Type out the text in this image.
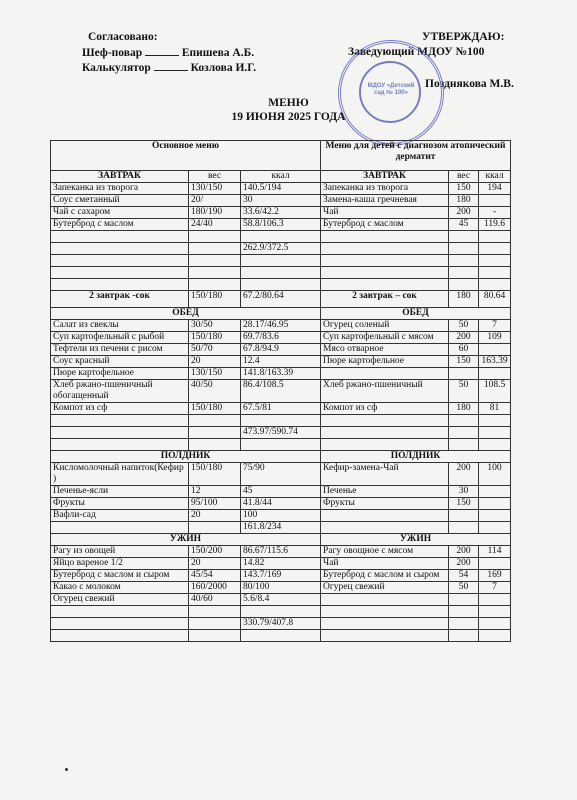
Согласовано:
Шеф-повар	Епишева А.Б.
Калькулятор	Козлова И.Г.
УТВЕРЖДАЮ:
Заведующий МДОУ №100
Позднякова М.В.
МДОУ «Детский сад № 100»
МЕНЮ
19 ИЮНЯ 2025 ГОДА
Основное меню			Меню для детей с диагнозом атопический дерматит		
ЗАВТРАК	вес	ккал	ЗАВТРАК	вес	ккал
Запеканка из творога	130/150	140.5/194	Запеканка из творога	150	194
Соус сметанный	20/	30	Замена-каша гречневая	180	
Чай с сахаром	180/190	33.6/42.2	Чай	200	-
Бутерброд с маслом	24/40	58.8/106.3	Бутерброд с маслом	45	119.6

		262.9/372.5			

2 завтрак -сок	150/180	67.2/80.64	2 завтрак – сок	180	80.64
ОБЕД			ОБЕД		
Салат из свеклы	30/50	28.17/46.95	Огурец соленый	50	7
Суп картофельный с рыбой	150/180	69.7/83.6	Суп картофельный с мясом	200	109
Тефтели из печени с рисом	50/70	67.8/94.9	Мясо отварное	60	
Соус красный	20	12.4	Пюре картофельное	150	163.39
Пюре картофельное	130/150	141.8/163.39			
Хлеб ржано-пшеничный обогащенный	40/50	86.4/108.5	Хлеб ржано-пшеничный	50	108.5
Компот из сф	150/180	67.5/81	Компот из сф	180	81

		473.97/590.74			

ПОЛДНИК			ПОЛДНИК		
Кисломолочный напиток(Кефир )	150/180	75/90	Кефир-замена-Чай	200	100
Печенье-ясли	12	45	Печенье	30	
Фрукты	95/100	41.8/44	Фрукты	150	
Вафли-сад	20	100			
		161.8/234			
УЖИН			УЖИН		
Рагу из овощей	150/200	86.67/115.6	Рагу овощное с мясом	200	114
Яйцо вареное 1/2	20	14.82	Чай	200	
Бутерброд с маслом и сыром	45/54	143.7/169	Бутерброд с маслом и сыром	54	169
Какао с молоком	160/2000	80/100	Огурец свежий	50	7
Огурец свежий	40/60	5.6/8.4			

		330.79/407.8			
